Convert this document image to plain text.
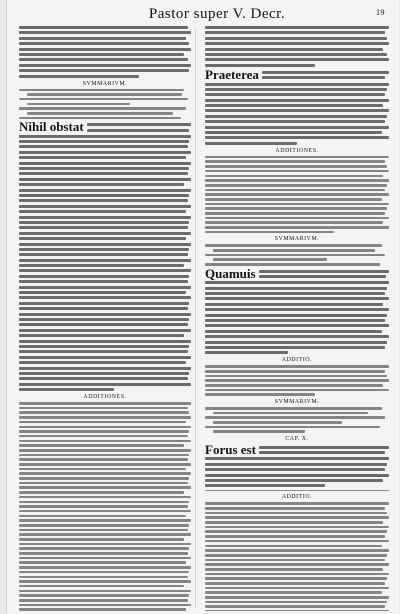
Pastor super V. Decr.	19
SVMMARIVM.
Nihil obstat
ADDITIONES.
Praeterea
ADDITIONES.
SVMMARIVM.
Quamuis
ADDITIO.
SVMMARIVM.
CAP. X.
Forus est
ADDITIO.
